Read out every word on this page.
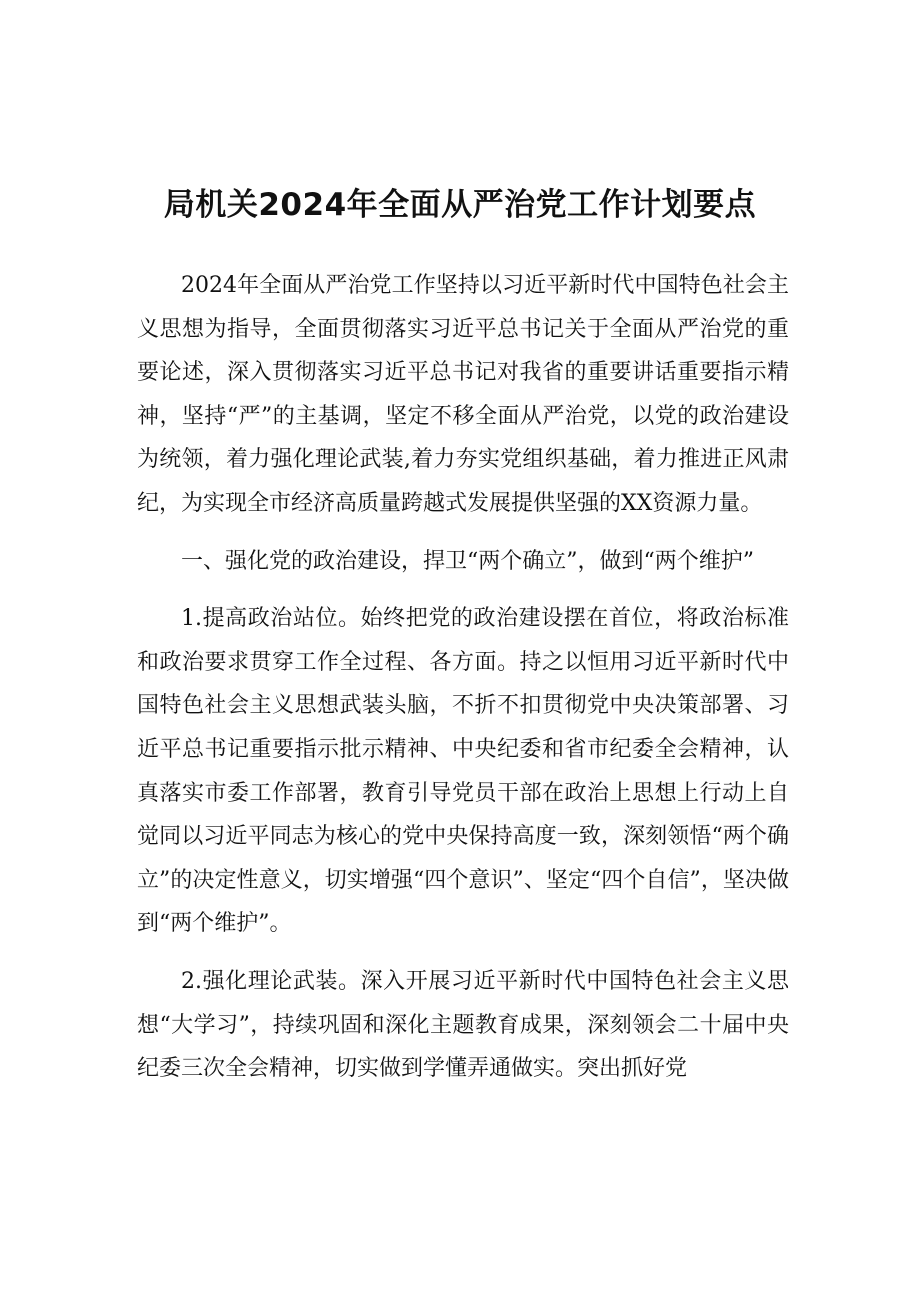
局机关2024年全面从严治党工作计划要点

2024年全面从严治党工作坚持以习近平新时代中国特色社会主义思想为指导，全面贯彻落实习近平总书记关于全面从严治党的重要论述，深入贯彻落实习近平总书记对我省的重要讲话重要指示精神，坚持“严”的主基调，坚定不移全面从严治党，以党的政治建设为统领，着力强化理论武装,着力夯实党组织基础，着力推进正风肃纪，为实现全市经济高质量跨越式发展提供坚强的XX资源力量。

一、强化党的政治建设，捍卫“两个确立”，做到“两个维护”

1.提高政治站位。始终把党的政治建设摆在首位，将政治标准和政治要求贯穿工作全过程、各方面。持之以恒用习近平新时代中国特色社会主义思想武装头脑，不折不扣贯彻党中央决策部署、习近平总书记重要指示批示精神、中央纪委和省市纪委全会精神，认真落实市委工作部署，教育引导党员干部在政治上思想上行动上自觉同以习近平同志为核心的党中央保持高度一致，深刻领悟“两个确立”的决定性意义，切实增强“四个意识”、坚定“四个自信”，坚决做到“两个维护”。

2.强化理论武装。深入开展习近平新时代中国特色社会主义思想“大学习”，持续巩固和深化主题教育成果，深刻领会二十届中央纪委三次全会精神，切实做到学懂弄通做实。突出抓好党
